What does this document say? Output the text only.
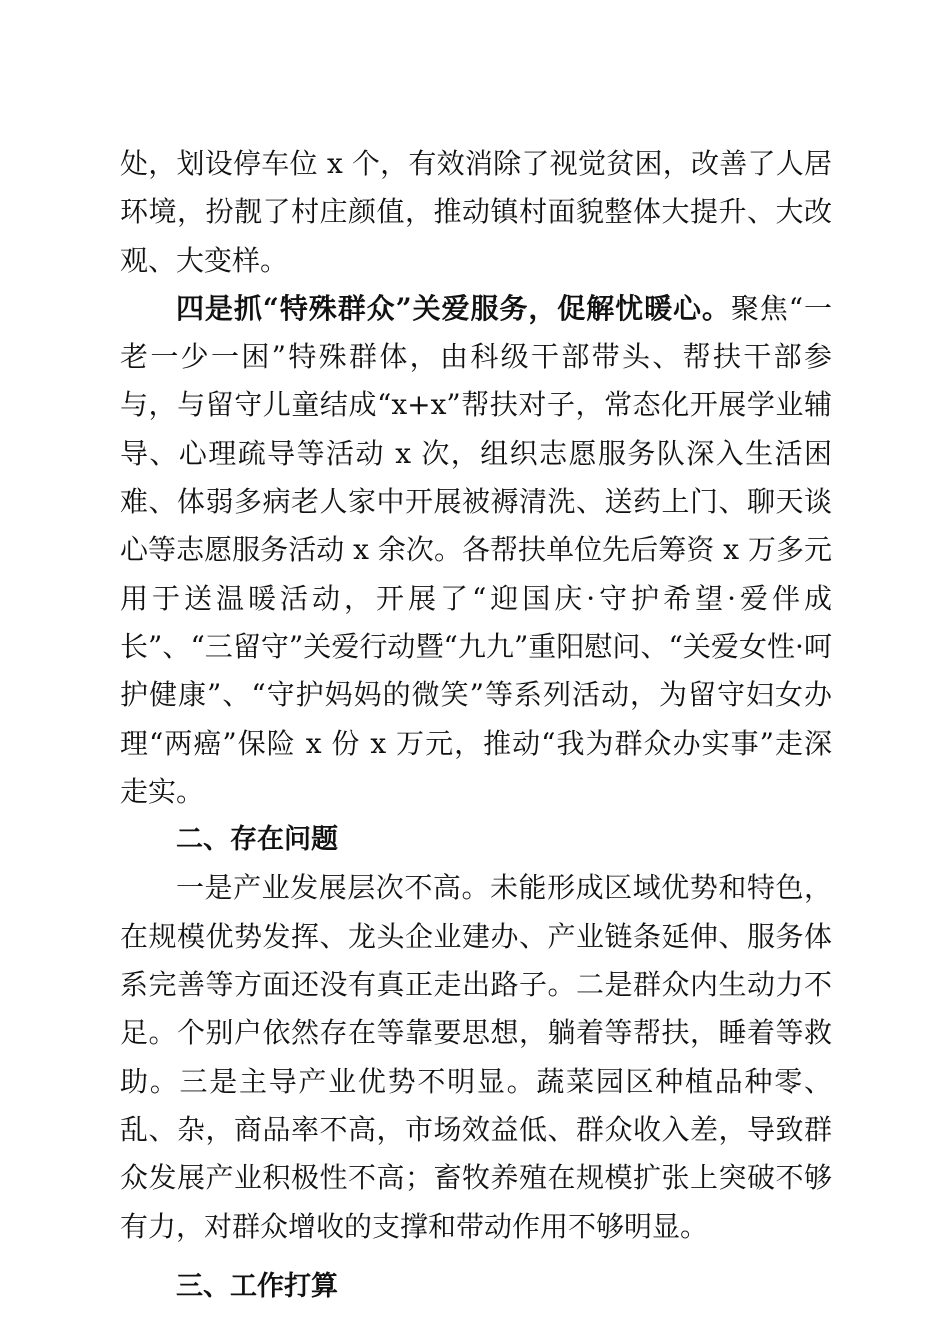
处，划设停车位 x 个，有效消除了视觉贫困，改善了人居环境，扮靓了村庄颜值，推动镇村面貌整体大提升、大改观、大变样。

四是抓“特殊群众”关爱服务，促解忧暖心。聚焦“一老一少一困”特殊群体，由科级干部带头、帮扶干部参与，与留守儿童结成“x+x”帮扶对子，常态化开展学业辅导、心理疏导等活动 x 次，组织志愿服务队深入生活困难、体弱多病老人家中开展被褥清洗、送药上门、聊天谈心等志愿服务活动 x 余次。各帮扶单位先后筹资 x 万多元用于送温暖活动，开展了“迎国庆·守护希望·爱伴成长”、“三留守”关爱行动暨“九九”重阳慰问、“关爱女性·呵护健康”、“守护妈妈的微笑”等系列活动，为留守妇女办理“两癌”保险 x 份 x 万元，推动“我为群众办实事”走深走实。

二、存在问题

一是产业发展层次不高。未能形成区域优势和特色，在规模优势发挥、龙头企业建办、产业链条延伸、服务体系完善等方面还没有真正走出路子。二是群众内生动力不足。个别户依然存在等靠要思想，躺着等帮扶，睡着等救助。三是主导产业优势不明显。蔬菜园区种植品种零、乱、杂，商品率不高，市场效益低、群众收入差，导致群众发展产业积极性不高；畜牧养殖在规模扩张上突破不够有力，对群众增收的支撑和带动作用不够明显。

三、工作打算
